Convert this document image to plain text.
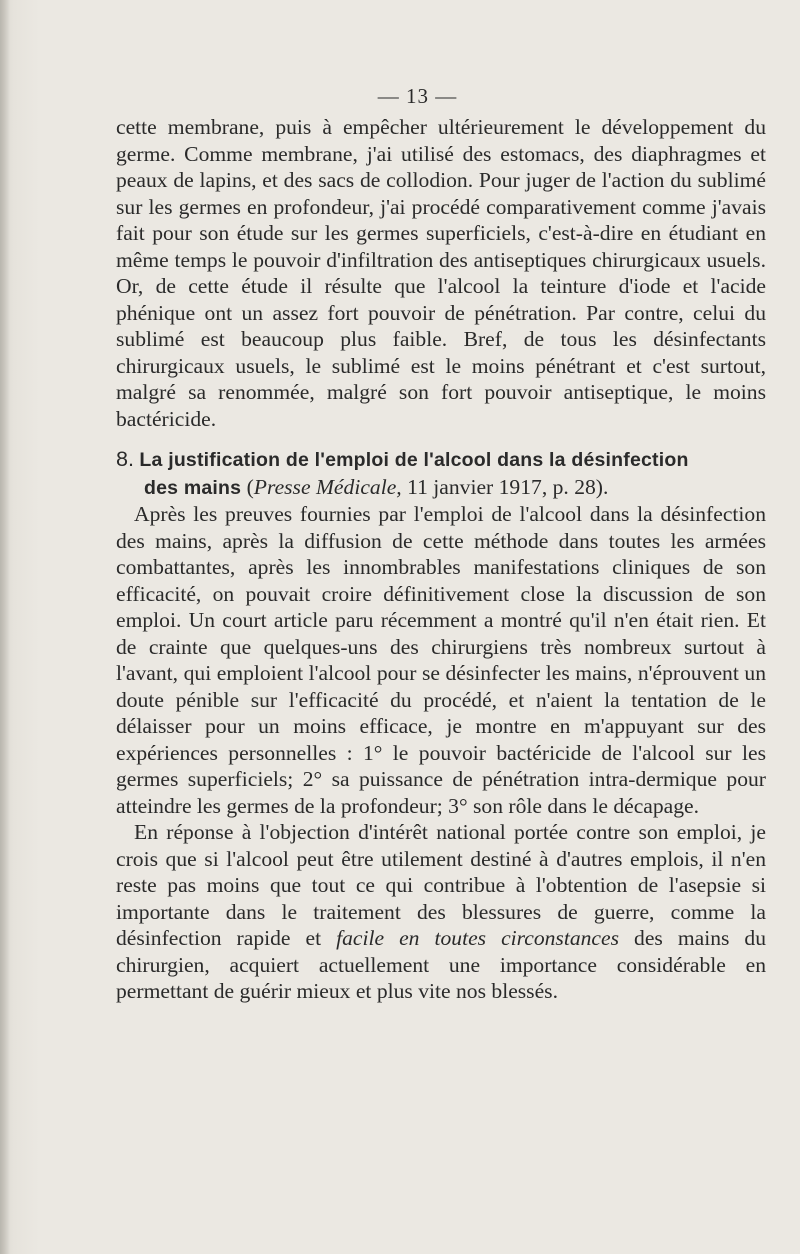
— 13 —

cette membrane, puis à empêcher ultérieurement le développement du germe. Comme membrane, j'ai utilisé des estomacs, des diaphragmes et peaux de lapins, et des sacs de collodion. Pour juger de l'action du sublimé sur les germes en profondeur, j'ai procédé comparativement comme j'avais fait pour son étude sur les germes superficiels, c'est-à-dire en étudiant en même temps le pouvoir d'infiltration des antiseptiques chirurgicaux usuels. Or, de cette étude il résulte que l'alcool la teinture d'iode et l'acide phénique ont un assez fort pouvoir de pénétration. Par contre, celui du sublimé est beaucoup plus faible. Bref, de tous les désinfectants chirurgicaux usuels, le sublimé est le moins pénétrant et c'est surtout, malgré sa renommée, malgré son fort pouvoir antiseptique, le moins bactéricide.

8. La justification de l'emploi de l'alcool dans la désinfection
des mains (Presse Médicale, 11 janvier 1917, p. 28).

Après les preuves fournies par l'emploi de l'alcool dans la désinfection des mains, après la diffusion de cette méthode dans toutes les armées combattantes, après les innombrables manifestations cliniques de son efficacité, on pouvait croire définitivement close la discussion de son emploi. Un court article paru récemment a montré qu'il n'en était rien. Et de crainte que quelques-uns des chirurgiens très nombreux surtout à l'avant, qui emploient l'alcool pour se désinfecter les mains, n'éprouvent un doute pénible sur l'efficacité du procédé, et n'aient la tentation de le délaisser pour un moins efficace, je montre en m'appuyant sur des expériences personnelles : 1° le pouvoir bactéricide de l'alcool sur les germes superficiels; 2° sa puissance de pénétration intra-dermique pour atteindre les germes de la profondeur; 3° son rôle dans le décapage.

En réponse à l'objection d'intérêt national portée contre son emploi, je crois que si l'alcool peut être utilement destiné à d'autres emplois, il n'en reste pas moins que tout ce qui contribue à l'obtention de l'asepsie si importante dans le traitement des blessures de guerre, comme la désinfection rapide et facile en toutes circonstances des mains du chirurgien, acquiert actuellement une importance considérable en permettant de guérir mieux et plus vite nos blessés.
